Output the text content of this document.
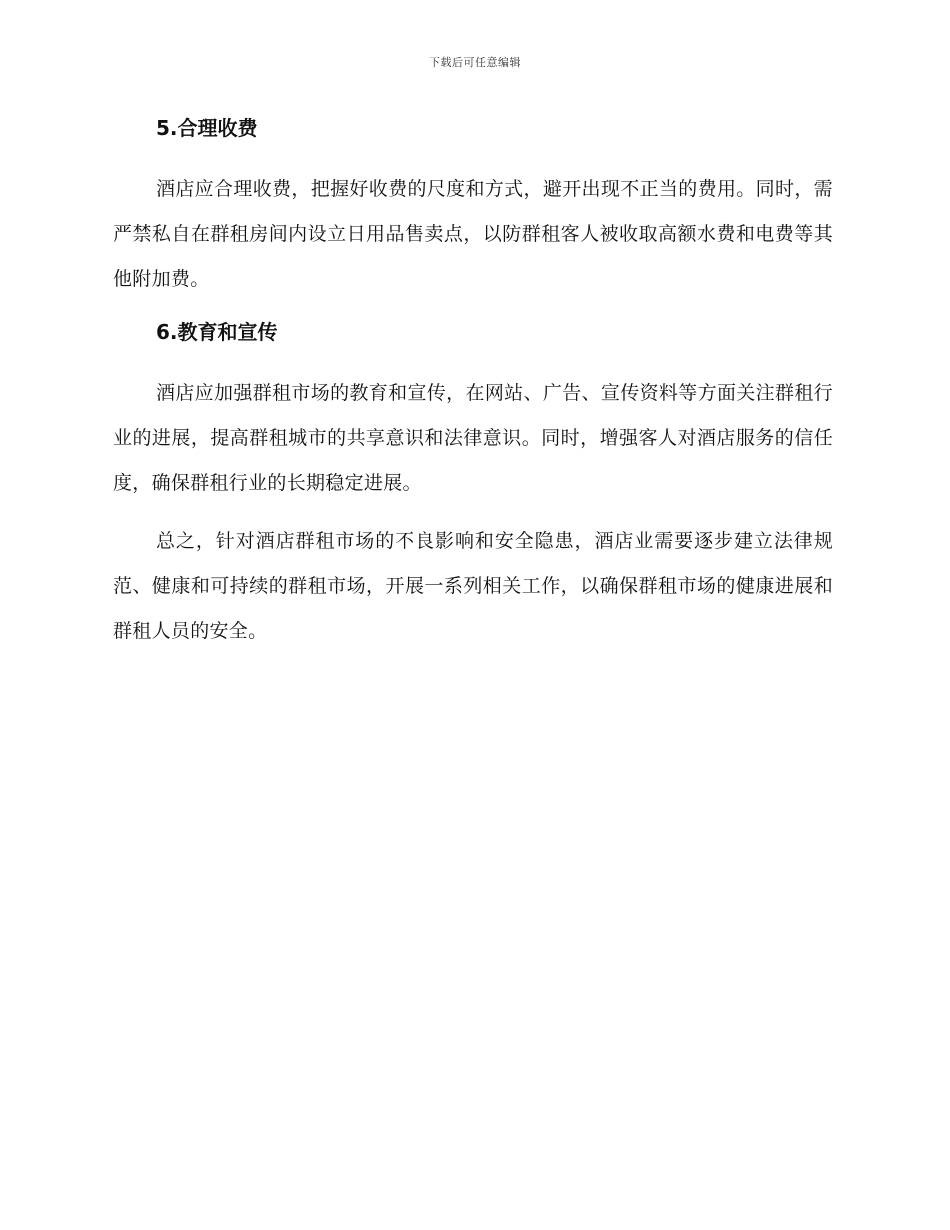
下载后可任意编辑
5.合理收费

酒店应合理收费，把握好收费的尺度和方式，避开出现不正当的费用。同时，需严禁私自在群租房间内设立日用品售卖点，以防群租客人被收取高额水费和电费等其他附加费。

6.教育和宣传

酒店应加强群租市场的教育和宣传，在网站、广告、宣传资料等方面关注群租行业的进展，提高群租城市的共享意识和法律意识。同时，增强客人对酒店服务的信任度，确保群租行业的长期稳定进展。

总之，针对酒店群租市场的不良影响和安全隐患，酒店业需要逐步建立法律规范、健康和可持续的群租市场，开展一系列相关工作，以确保群租市场的健康进展和群租人员的安全。
